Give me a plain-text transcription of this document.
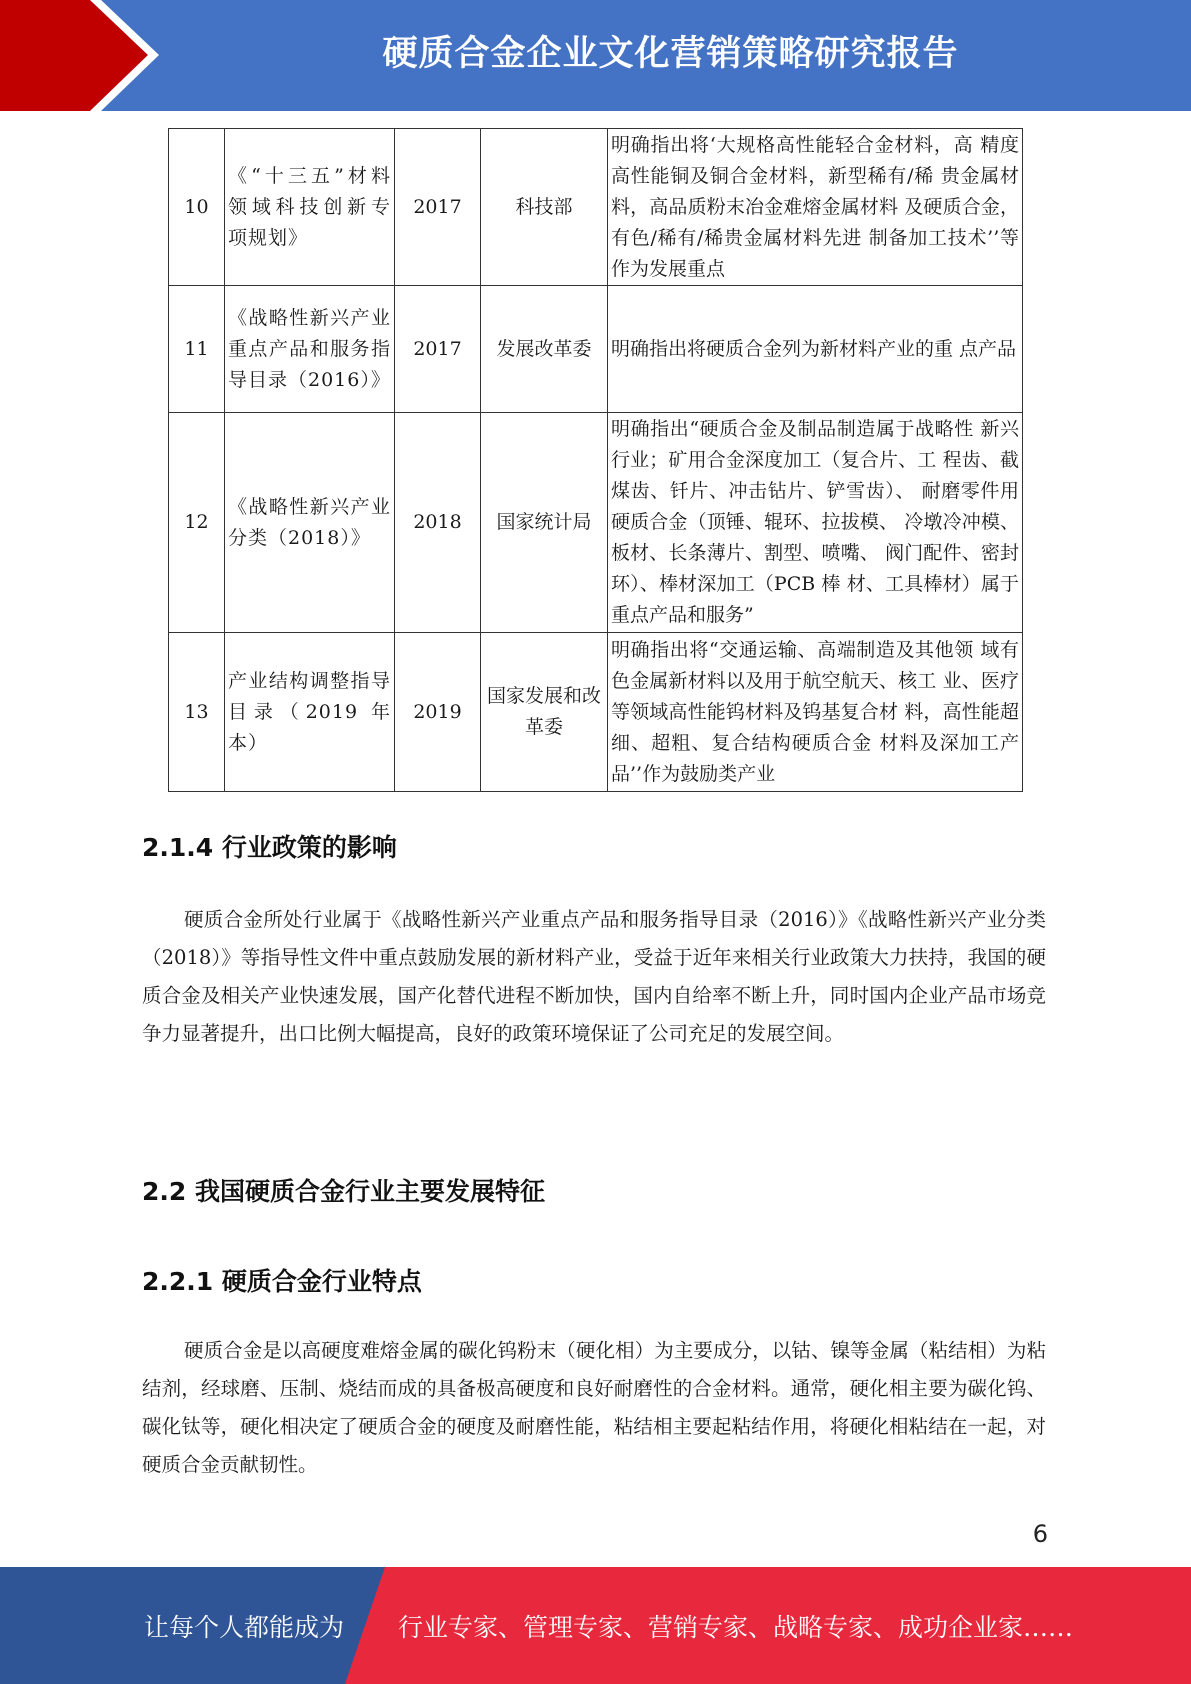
硬质合金企业文化营销策略研究报告
10	《“十三五”材料 领域科技创新专 项规划》	2017	科技部	明确指出将‘大规格高性能轻合金材料，高 精度高性能铜及铜合金材料，新型稀有/稀 贵金属材料，高品质粉末冶金难熔金属材料 及硬质合金，有色/稀有/稀贵金属材料先进 制备加工技术’’等作为发展重点
11	《战略性新兴产业重点产品和服务指导目录（2016）》	2017	发展改革委	明确指出将硬质合金列为新材料产业的重 点产品
12	《战略性新兴产业分类（2018）》	2018	国家统计局	明确指出“硬质合金及制品制造属于战略性 新兴行业；矿用合金深度加工（复合片、工 程齿、截煤齿、钎片、冲击钻片、铲雪齿）、 耐磨零件用硬质合金（顶锤、辊环、拉拔模、 冷墩冷冲模、板材、长条薄片、割型、喷嘴、 阀门配件、密封环）、棒材深加工（PCB 棒 材、工具棒材）属于重点产品和服务”
13	产业结构调整指导目录（2019 年本）	2019	国家发展和改革委	明确指出将“交通运输、高端制造及其他领 域有色金属新材料以及用于航空航天、核工 业、医疗等领域高性能钨材料及钨基复合材 料，高性能超细、超粗、复合结构硬质合金 材料及深加工产品’’作为鼓励类产业
2.1.4 行业政策的影响

硬质合金所处行业属于《战略性新兴产业重点产品和服务指导目录（2016）》《战略性新兴产业分类（2018）》等指导性文件中重点鼓励发展的新材料产业，受益于近年来相关行业政策大力扶持，我国的硬质合金及相关产业快速发展，国产化替代进程不断加快，国内自给率不断上升，同时国内企业产品市场竞争力显著提升，出口比例大幅提高，良好的政策环境保证了公司充足的发展空间。

2.2 我国硬质合金行业主要发展特征
2.2.1 硬质合金行业特点

硬质合金是以高硬度难熔金属的碳化钨粉末（硬化相）为主要成分，以钴、镍等金属（粘结相）为粘结剂，经球磨、压制、烧结而成的具备极高硬度和良好耐磨性的合金材料。通常，硬化相主要为碳化钨、碳化钛等，硬化相决定了硬质合金的硬度及耐磨性能，粘结相主要起粘结作用，将硬化相粘结在一起，对硬质合金贡献韧性。

6
让每个人都能成为 行业专家、管理专家、营销专家、战略专家、成功企业家……
